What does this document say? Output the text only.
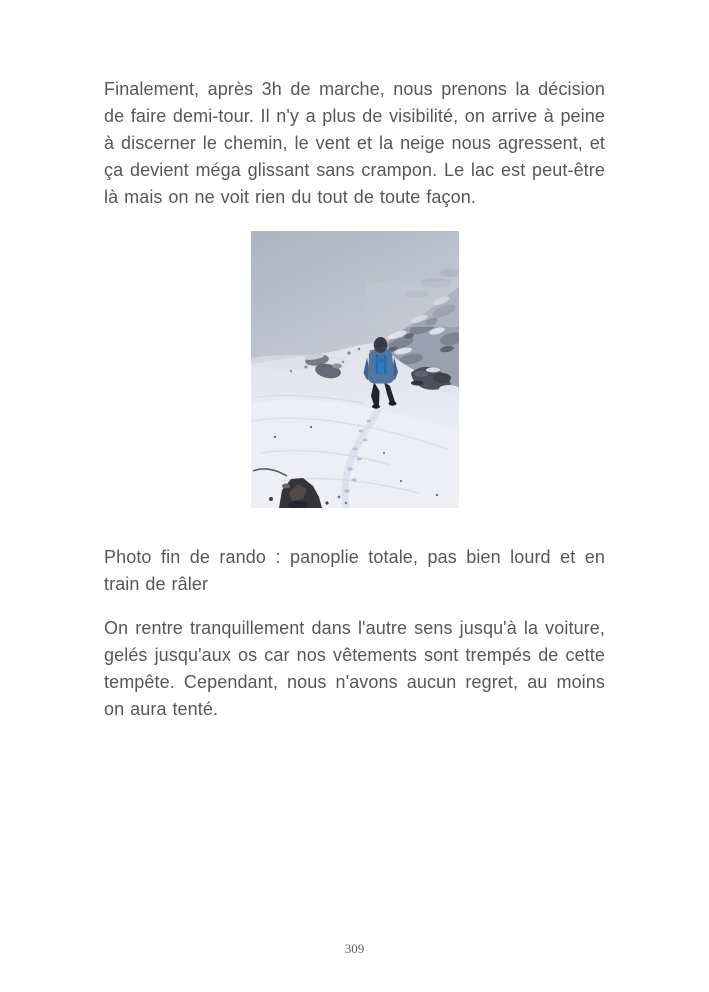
Finalement, après 3h de marche, nous prenons la décision de faire demi-tour. Il n'y a plus de visibilité, on arrive à peine à discerner le chemin, le vent et la neige nous agressent, et ça devient méga glissant sans crampon. Le lac est peut-être là mais on ne voit rien du tout de toute façon.

Photo fin de rando : panoplie totale, pas bien lourd et en train de râler

On rentre tranquillement dans l'autre sens jusqu'à la voiture, gelés jusqu'aux os car nos vêtements sont trempés de cette tempête. Cependant, nous n'avons aucun regret, au moins on aura tenté.

309
